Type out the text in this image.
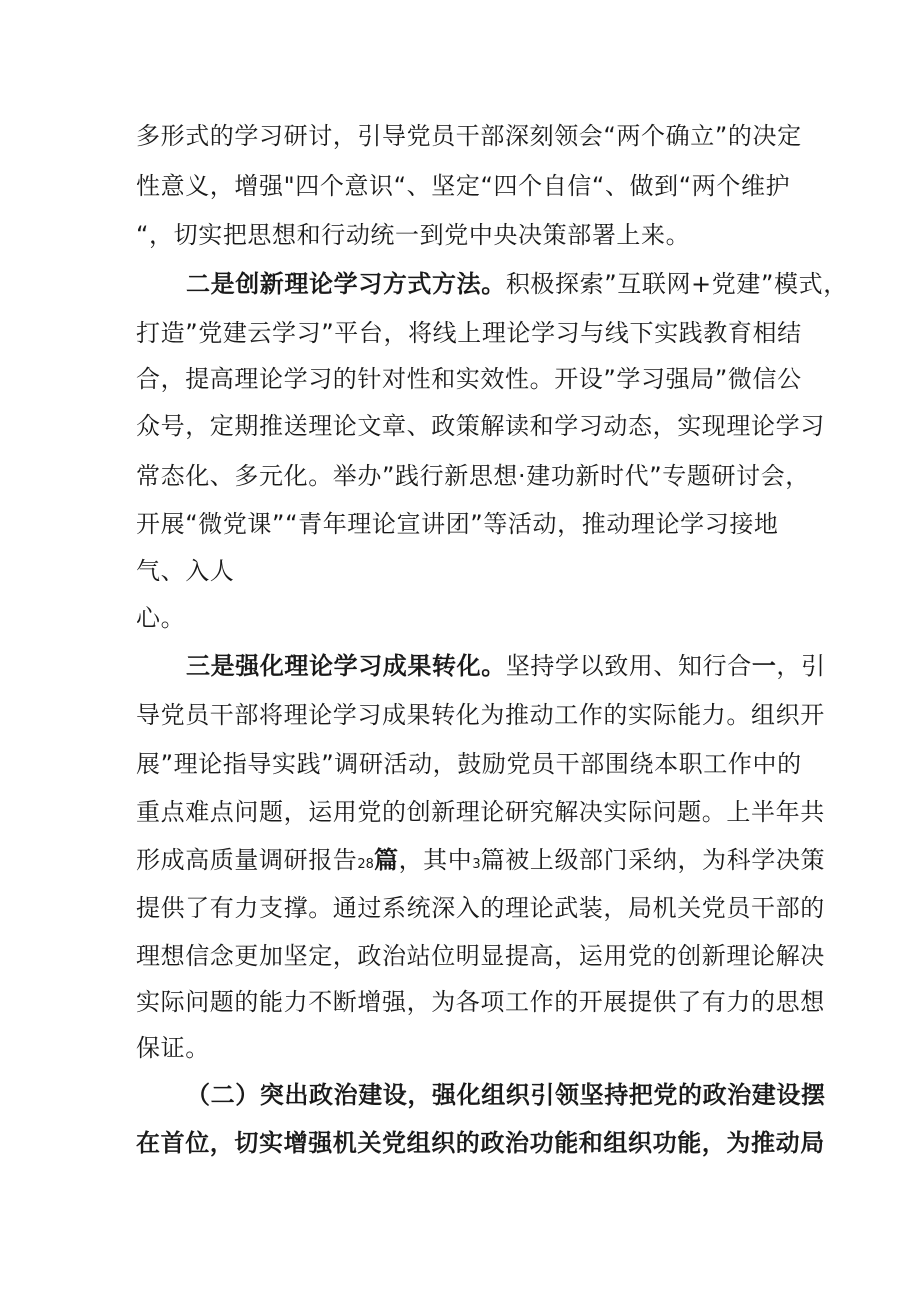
多形式的学习研讨，引导党员干部深刻领会“两个确立”的决定
性意义，增强"四个意识“、坚定“四个自信“、做到“两个维护
“，切实把思想和行动统一到党中央决策部署上来。
二是创新理论学习方式方法。积极探索”互联网+党建”模式，
打造”党建云学习”平台，将线上理论学习与线下实践教育相结
合，提高理论学习的针对性和实效性。开设”学习强局”微信公
众号，定期推送理论文章、政策解读和学习动态，实现理论学习
常态化、多元化。举办”践行新思想·建功新时代”专题研讨会，
开展“微党课”“青年理论宣讲团”等活动，推动理论学习接地
气、入人
心。
三是强化理论学习成果转化。坚持学以致用、知行合一，引
导党员干部将理论学习成果转化为推动工作的实际能力。组织开
展”理论指导实践”调研活动，鼓励党员干部围绕本职工作中的
重点难点问题，运用党的创新理论研究解决实际问题。上半年共
形成高质量调研报告28篇，其中3篇被上级部门采纳，为科学决策
提供了有力支撑。通过系统深入的理论武装，局机关党员干部的
理想信念更加坚定，政治站位明显提高，运用党的创新理论解决
实际问题的能力不断增强，为各项工作的开展提供了有力的思想
保证。
（二）突出政治建设，强化组织引领坚持把党的政治建设摆
在首位，切实增强机关党组织的政治功能和组织功能，为推动局
